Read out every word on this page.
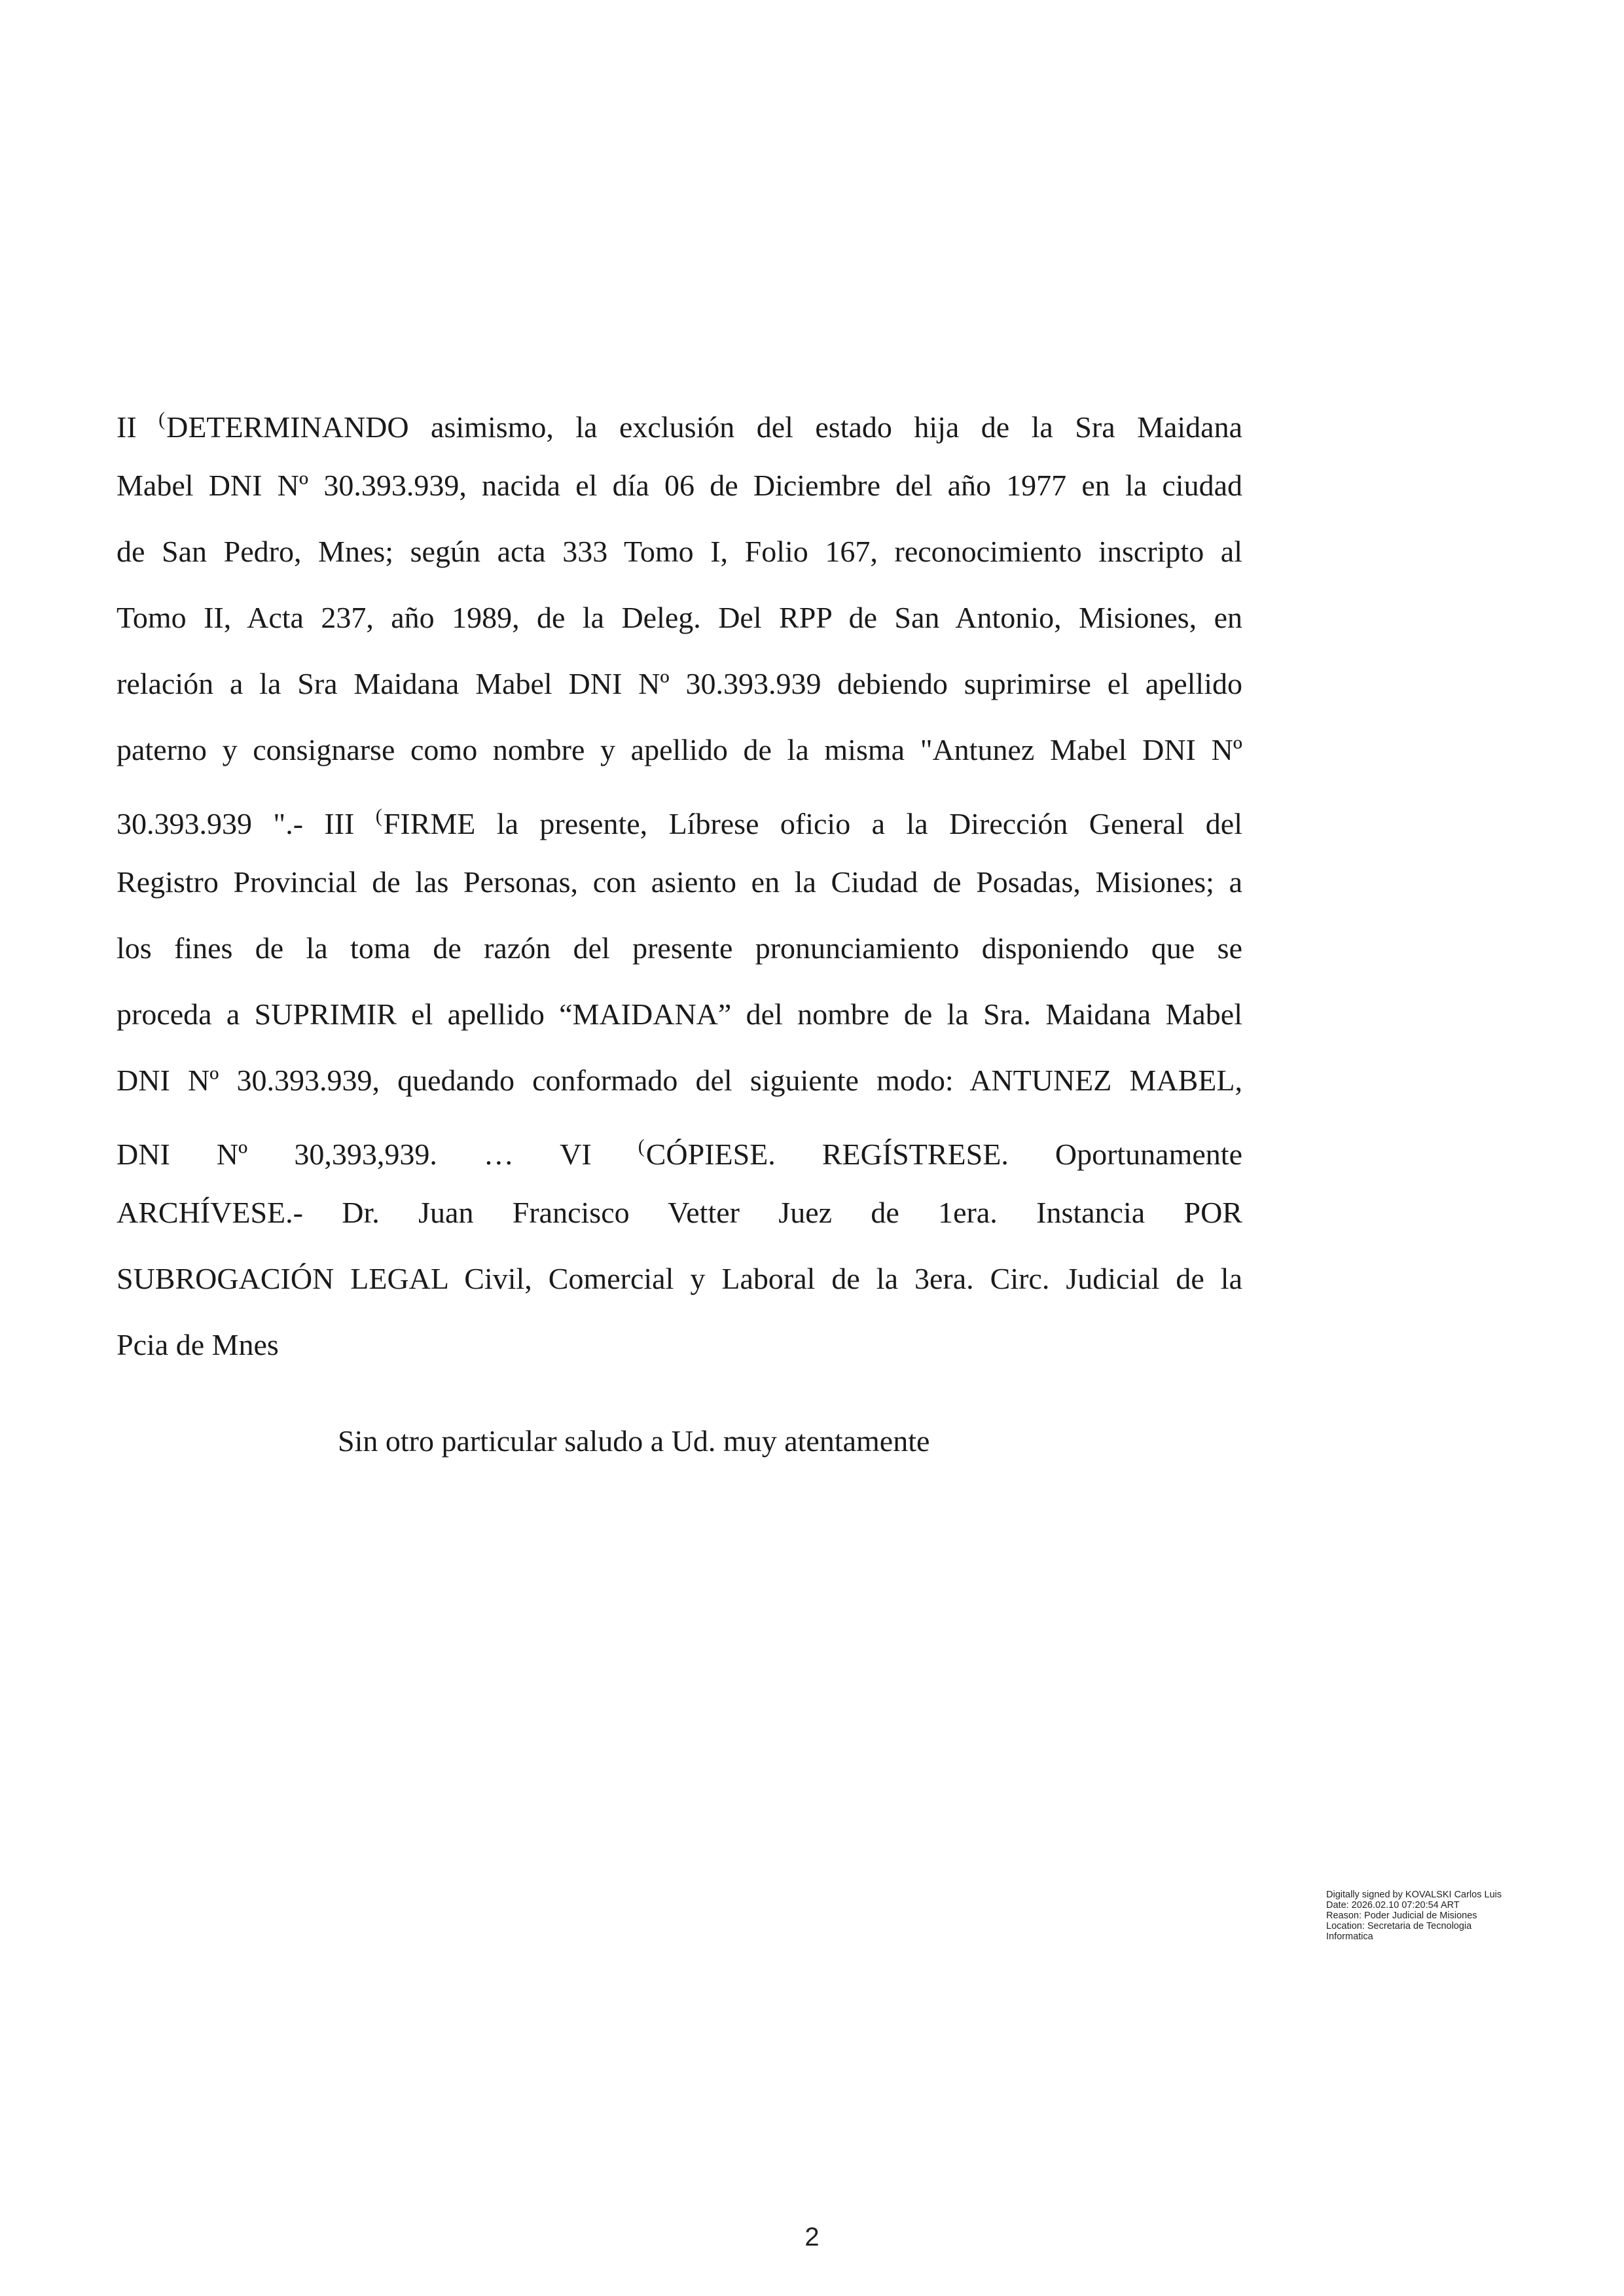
II (DETERMINANDO asimismo, la exclusión del estado hija de la Sra Maidana
Mabel DNI Nº 30.393.939, nacida el día 06 de Diciembre del año 1977 en la ciudad
de San Pedro, Mnes; según acta 333 Tomo I, Folio 167, reconocimiento inscripto al
Tomo II, Acta 237, año 1989, de la Deleg. Del RPP de San Antonio, Misiones, en
relación a la Sra Maidana Mabel DNI Nº 30.393.939 debiendo suprimirse el apellido
paterno y consignarse como nombre y apellido de la misma "Antunez Mabel DNI Nº
30.393.939 ".- III (FIRME la presente, Líbrese oficio a la Dirección General del
Registro Provincial de las Personas, con asiento en la Ciudad de Posadas, Misiones; a
los fines de la toma de razón del presente pronunciamiento disponiendo que se
proceda a SUPRIMIR el apellido “MAIDANA” del nombre de la Sra. Maidana Mabel
DNI Nº 30.393.939, quedando conformado del siguiente modo: ANTUNEZ MABEL,
DNI Nº 30,393,939. … VI (CÓPIESE. REGÍSTRESE. Oportunamente
ARCHÍVESE.- Dr. Juan Francisco Vetter Juez de 1era. Instancia POR
SUBROGACIÓN LEGAL Civil, Comercial y Laboral de la 3era. Circ. Judicial de la
Pcia de Mnes
Sin otro particular saludo a Ud. muy atentamente
Digitally signed by KOVALSKI Carlos Luis
Date: 2026.02.10 07:20:54 ART
Reason: Poder Judicial de Misiones
Location: Secretaria de Tecnologia
Informatica
2
